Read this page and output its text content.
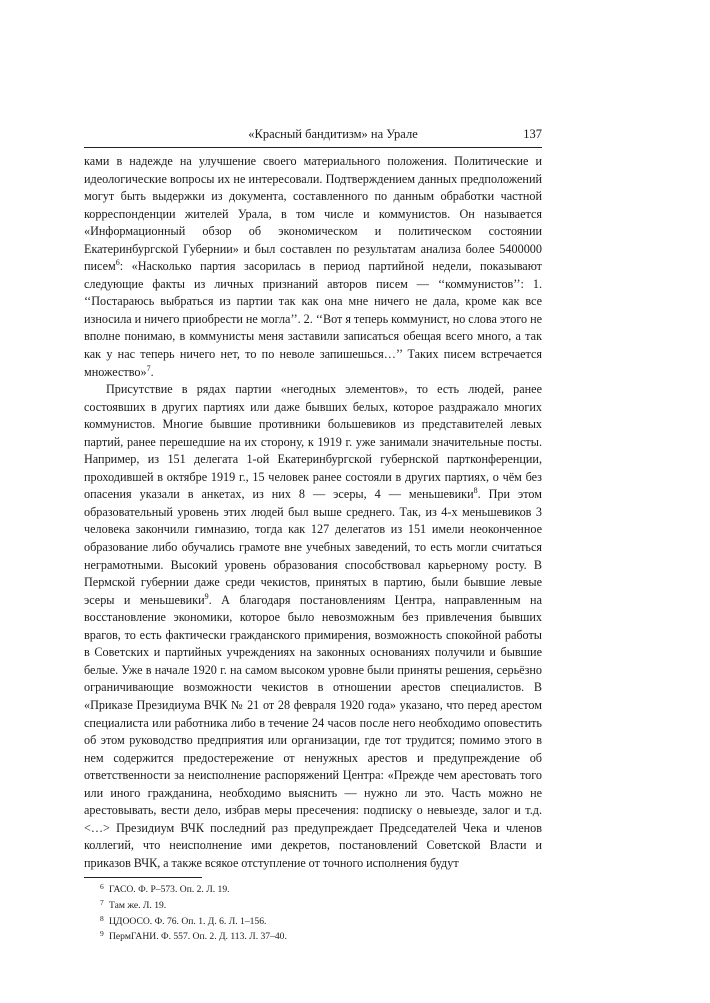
«Красный бандитизм» на Урале	137

ками в надежде на улучшение своего материального положения. Политические и идеологические вопросы их не интересовали. Подтверждением данных предположений могут быть выдержки из документа, составленного по данным обработки частной корреспонденции жителей Урала, в том числе и коммунистов. Он называется «Информационный обзор об экономическом и политическом состоянии Екатеринбургской Губернии» и был составлен по результатам анализа более 5400000 писем$^6$: «Насколько партия засорилась в период партийной недели, показывают следующие факты из личных признаний авторов писем — ‘‘коммунистов’’: 1. ‘‘Постараюсь выбраться из партии так как она мне ничего не дала, кроме как все износила и ничего приобрести не могла’’. 2. ‘‘Вот я теперь коммунист, но слова этого не вполне понимаю, в коммунисты меня заставили записаться обещая всего много, а так как у нас теперь ничего нет, то по неволе запишешься…’’ Таких писем встречается множество»$^7$.

Присутствие в рядах партии «негодных элементов», то есть людей, ранее состоявших в других партиях или даже бывших белых, которое раздражало многих коммунистов. Многие бывшие противники большевиков из представителей левых партий, ранее перешедшие на их сторону, к 1919 г. уже занимали значительные посты. Например, из 151 делегата 1-ой Екатеринбургской губернской партконференции, проходившей в октябре 1919 г., 15 человек ранее состояли в других партиях, о чём без опасения указали в анкетах, из них 8 — эсеры, 4 — меньшевики$^8$. При этом образовательный уровень этих людей был выше среднего. Так, из 4-х меньшевиков 3 человека закончили гимназию, тогда как 127 делегатов из 151 имели неоконченное образование либо обучались грамоте вне учебных заведений, то есть могли считаться неграмотными. Высокий уровень образования способствовал карьерному росту. В Пермской губернии даже среди чекистов, принятых в партию, были бывшие левые эсеры и меньшевики$^9$. А благодаря постановлениям Центра, направленным на восстановление экономики, которое было невозможным без привлечения бывших врагов, то есть фактически гражданского примирения, возможность спокойной работы в Советских и партийных учреждениях на законных основаниях получили и бывшие белые. Уже в начале 1920 г. на самом высоком уровне были приняты решения, серьёзно ограничивающие возможности чекистов в отношении арестов специалистов. В «Приказе Президиума ВЧК № 21 от 28 февраля 1920 года» указано, что перед арестом специалиста или работника либо в течение 24 часов после него необходимо оповестить об этом руководство предприятия или организации, где тот трудится; помимо этого в нем содержится предостережение от ненужных арестов и предупреждение об ответственности за неисполнение распоряжений Центра: «Прежде чем арестовать того или иного гражданина, необходимо выяснить — нужно ли это. Часть можно не арестовывать, вести дело, избрав меры пресечения: подписку о невыезде, залог и т.д. <…> Президиум ВЧК последний раз предупреждает Председателей Чека и членов коллегий, что неисполнение ими декретов, постановлений Советской Власти и приказов ВЧК, а также всякое отступление от точного исполнения будут

6 ГАСО. Ф. Р–573. Оп. 2. Л. 19.
7 Там же. Л. 19.
8 ЦДООСО. Ф. 76. Оп. 1. Д. 6. Л. 1–156.
9 ПермГАНИ. Ф. 557. Оп. 2. Д. 113. Л. 37–40.
